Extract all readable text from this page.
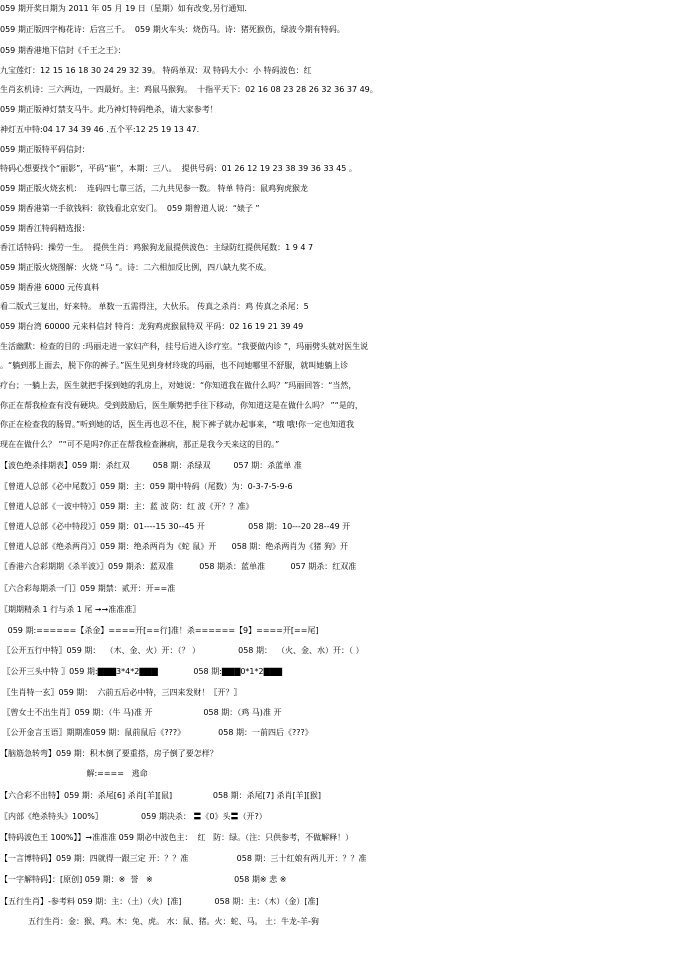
059 期开奖日期为 2011 年 05 月 19 日（星期）如有改变,另行通知.
059 期正版四字梅花诗：后宫三千。  059 期火车头：烧伤马。诗：猪死猴伤，绿波今期有特码。
059 期香港地下信封《千王之王》：
九宝莲灯：12 15 16 18 30 24 29 32 39。 特码单双：双 特码大小：小 特码波色：红
生肖玄机诗：三六两边，一四最好。主：鸡鼠马猴狗。  十指平天下：02 16 08 23 28 26 32 36 37 49。
059 期正版神灯禁支马牛。此乃神灯特码绝杀，请大家参考！
神灯五中特:04 17 34 39 46 .五个平:12 25 19 13 47.
059 期正版特平码信封：
特码心想要找个“丽影”，平码“崔”，本期：三八。  提供号码：01 26 12 19 23 38 39 36 33 45 。
059 期正版火烧玄机：  连码四七靠三活，二九共见参一数。 特单 特肖：鼠鸡狗虎猴龙
059 期香港第一手欲钱料：欲钱看北京安门。  059 期曾道人说：“婊子 ”
059 期香江特码精选报：
香江话特码：操劳一生。  提供生肖：鸡猴狗龙鼠提供波色：主绿防红提供尾数：1 9 4 7
059 期正版火烧图解：火烧 “马 ”。诗：二六相加反比例，四八缺九奖不成。
059 期香港 6000 元传真料
看二版式三复出，好来特。 单数一五需得注，大伙乐。 传真之杀肖：鸡 传真之杀尾：5
059 期台湾 60000 元来料信封 特肖：龙狗鸡虎猴鼠特双 平码：02 16 19 21 39 49
生活幽默：检查的目的 :玛丽走进一家妇产科，挂号后进入诊疗室。“我要做内诊 ”，玛丽劈头就对医生说
。“躺到那上面去，脱下你的裤子。”医生见到身材玲珑的玛丽，也不问她哪里不舒服，就叫她躺上诊
疗台；一躺上去，医生就把手探到她的乳房上，对她说：“你知道我在做什么吗？”玛丽回答：“当然，
你正在帮我检查有没有硬块。受到鼓励后，医生顺势把手往下移动，你知道这是在做什么吗？ ”“是的，
你正在检查我的肠胃。”听到她的话，医生再也忍不住，脱下裤子就办起事来，“哦 哦!你一定也知道我
现在在做什么？ ”“可不是吗?你正在帮我检查淋病，那正是我今天来这的目的。”
【波色绝杀排期表】059 期：杀红双         058 期：杀绿双         057 期：杀蓝单 准
〖曾道人总部《必中尾数》〗059 期：主：059 期中特码（尾数）为：0-3-7-5-9-6
〖曾道人总部《一波中特》〗059 期：主：蓝 波 防：红 波《开？？准》
〖曾道人总部《必中特段》〗059 期：01----15 30--45 开                 058 期：10---20 28--49 开
〖曾道人总部《绝杀两肖》〗059 期：绝杀两肖为《蛇 鼠》开      058 期：绝杀两肖为《猪 狗》开
〖香港六合彩期期《杀半波》〗059 期杀：蓝双准          058 期杀：蓝单准          057 期杀：红双准
〖六合彩每期杀一门〗059 期禁：贰开：开==准
〖期期精杀 1 行与杀 1 尾 ➞➞准准准〗
059 期:======【杀金】====开[==行]准！杀======【9】====开[==尾]
〖公开五行中特〗059 期：  （木、金、火）开：（？ ）               058 期：  （火、金、水）开：（ ）
〖公开三头中特 〗059 期:▇▇▇3*4*2▇▇▇              058 期:▇▇▇0*1*2▇▇▇
〖生肖特一玄〗059 期：  六前五后必中特，三四来发财！〖开？〗
〖曾女士不出生肖〗059 期：（牛 马)准 开                    058 期：（鸡 马)准 开
〖公开金言玉语〗期期准059 期：鼠前鼠后《???》             058 期：一前四后《???》
【脑筋急转弯】059 期：积木倒了要重搭，房子倒了要怎样？
解:====   逃命
【六合彩不出特】059 期：杀尾[6] 杀肖[羊][鼠]                058 期：杀尾[7] 杀肖[羊][猴]
〖内部《绝杀特头》100%〗               059 期决杀： 〓《0》头〓（开?）
【特码波色王 100%】】➞准准准 059 期必中波色主：  红   防：绿。（注：只供参考，不做解释！）
【一言博特码】059 期：四就得一跟三定 开：？？准                   058 期：三十红娘有两儿开：？？准
【一字解特码】：[原创] 059 期：※  誉   ※                                058 期※ 悲 ※
【五行生肖】-参考料 059 期：主：（土）（火）[准]             058 期：主：（木）（金）[准]
五行生肖：金：猴、鸡。木：兔、虎。 水：鼠、猪。火：蛇、马。 土：牛龙-羊-狗
